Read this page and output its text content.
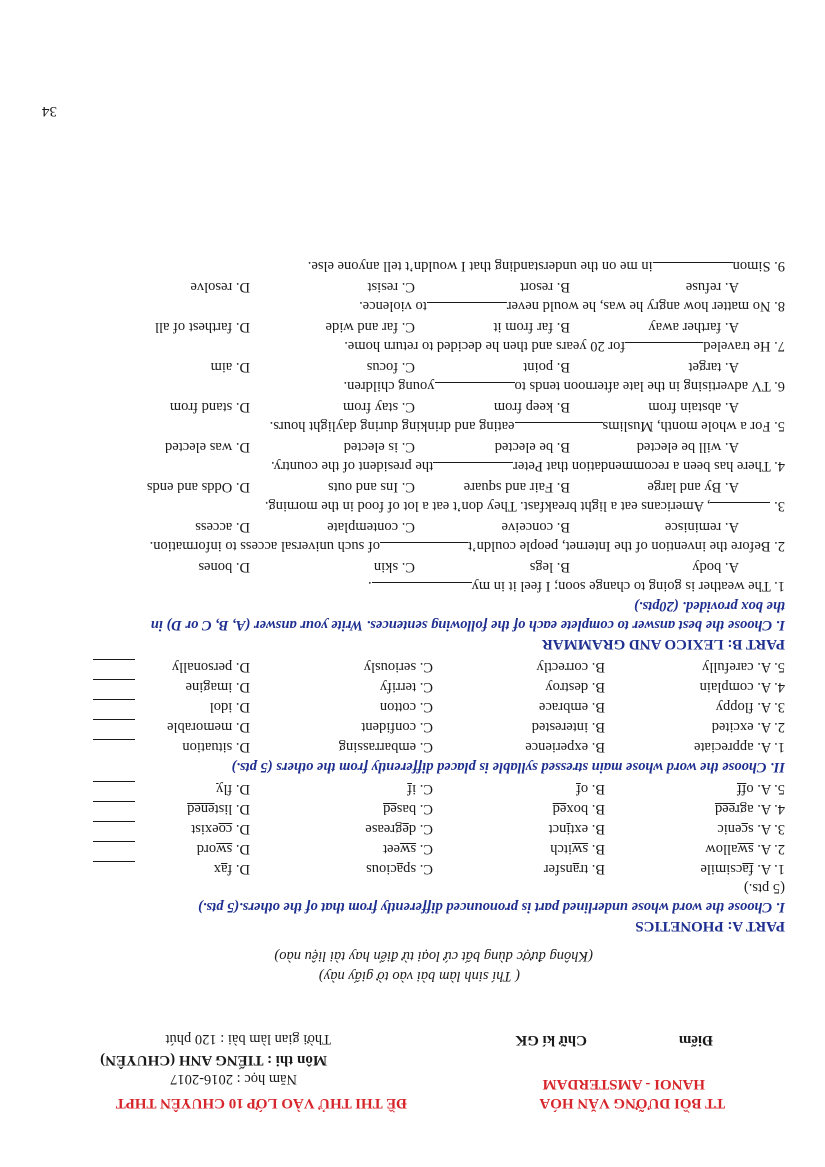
TT BỒI DƯỠNG VĂN HÓA
HANOI - AMSTERDAM
ĐỀ THI THỬ VÀO LỚP 10 CHUYÊN THPT
Năm học : 2016-2017
Môn thi : TIẾNG ANH (CHUYÊN)
Thời gian làm bài : 120 phút	Điểm
Chữ kí GK
( Thí sinh làm bài vào tờ giấy này)
(Không được dùng bất cứ loại từ điển hay tài liệu nào)
PART A: PHONETICS
I. Choose the word whose underlined part is pronounced differently from that of the others.(5 pts.)
(5 pts.)
1. A. facsimile
B. transfer
C. spacious
D. fax
2. A. swallow
B. switch
C. sweet
D. sword
3. A. scenic
B. extinct
C. degrease
D. coexist
4. A. agreed
B. boxed
C. based
D. listened
5. A. off
B. of
C. if
D. fly
II. Choose the word whose main stressed syllable is placed differently from the others (5 pts.)
1. A. appreciate
B. experience
C. embarrassing
D. situation
2. A. excited
B. interested
C. confident
D. memorable
3. A. floppy
B. embrace
C. cotton
D. idol
4. A. complain
B. destroy
C. terrify
D. imagine
5. A. carefully
B. correctly
C. seriously
D. personally
PART B: LEXICO AND GRAMMAR
I. Choose the best answer to complete each of the following sentences. Write your answer (A, B, C or D) in
the box provided. (20pts.)
1. The weather is going to change soon; I feel it in my.
A. body
B. legs
C. skin
D. bones
2. Before the invention of the Internet, people couldn’tof such universal access to information.
A. reminisce
B. conceive
C. contemplate
D. access
3. , Americans eat a light breakfast. They don’t eat a lot of food in the morning.
A. By and large
B. Fair and square
C. Ins and outs
D. Odds and ends
4. There has been a recommendation that Peterthe president of the country.
A. will be elected
B. be elected
C. is elected
D. was elected
5. For a whole month, Muslimseating and drinking during daylight hours.
A. abstain from
B. keep from
C. stay from
D. stand from
6. TV advertising in the late afternoon tends toyoung children.
A. target
B. point
C. focus
D. aim
7. He traveledfor 20 years and then he decided to return home.
A. farther away
B. far from it
C. far and wide
D. farthest of all
8. No matter how angry he was, he would neverto violence.
A. refuse
B. resort
C. resist
D. resolve
9. Simonin me on the understanding that I wouldn’t tell anyone else.
34
